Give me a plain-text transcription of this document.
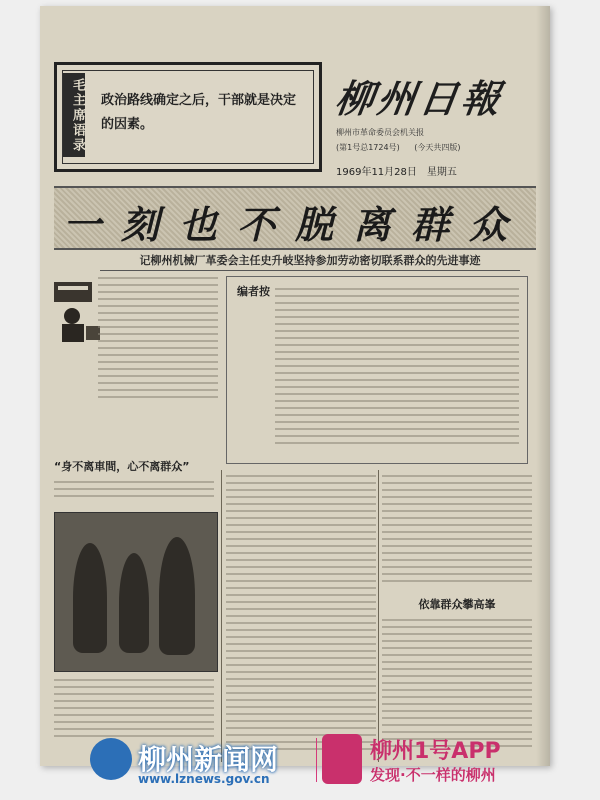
毛主席语录 政治路线确定之后，干部就是决定的因素。
柳州日報
柳州市革命委员会机关报
(第1号总1724号) (今天共四版)
1969年11月28日　星期五
一刻也不脱离群众
记柳州机械厂革委会主任史升岐坚持参加劳动密切联系群众的先进事迹
编者按
“身不离車間，心不离群众”
依靠群众攀高峯
柳州新闻网
www.lznews.gov.cn
柳州1号APP
发现·不一样的柳州
